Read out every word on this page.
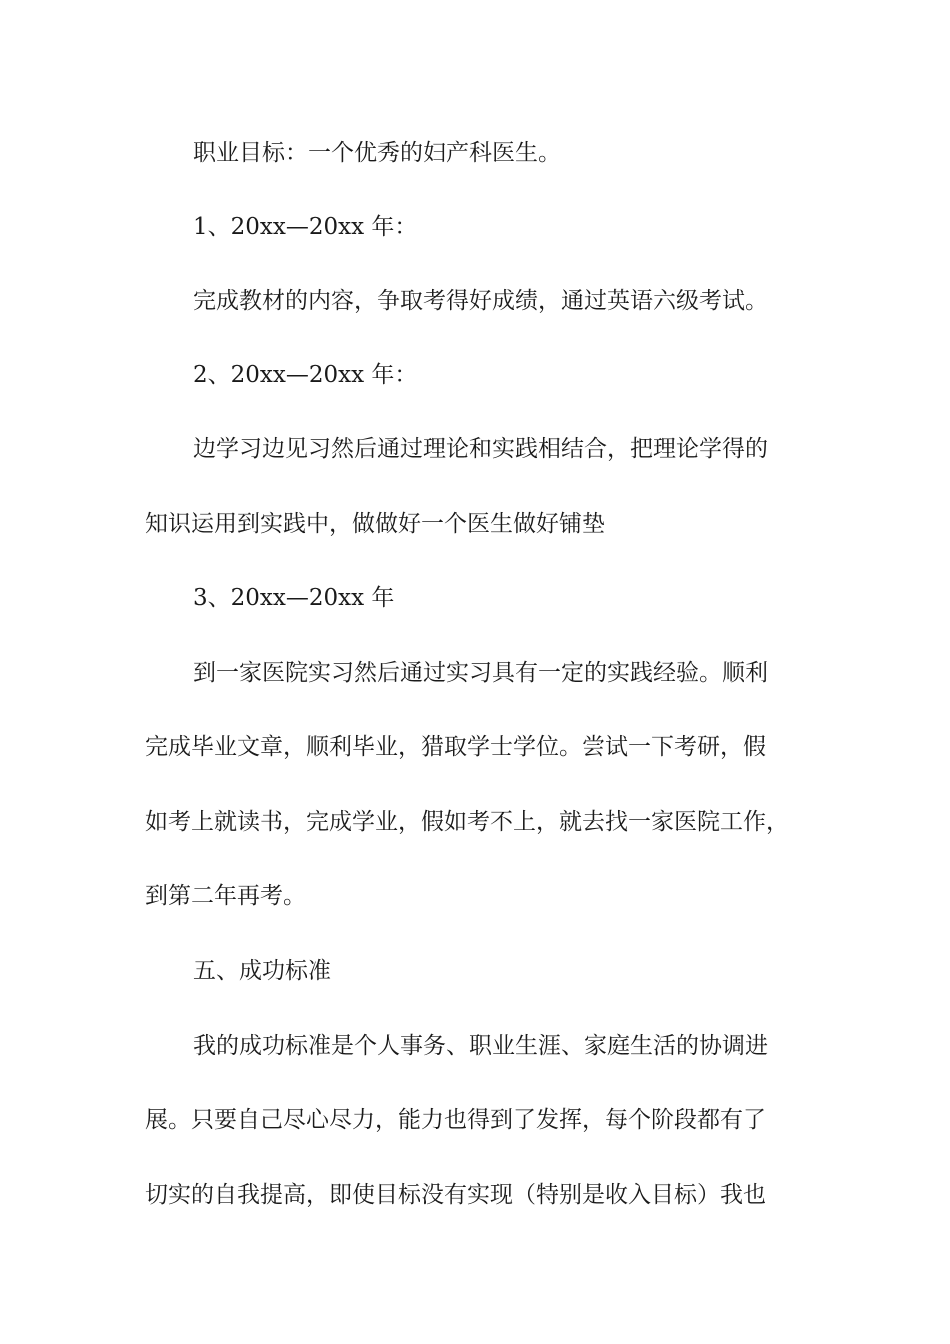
职业目标：一个优秀的妇产科医生。

1、20xx—20xx 年：

完成教材的内容，争取考得好成绩，通过英语六级考试。

2、20xx—20xx 年：

边学习边见习然后通过理论和实践相结合，把理论学得的

知识运用到实践中，做做好一个医生做好铺垫

3、20xx—20xx 年

到一家医院实习然后通过实习具有一定的实践经验。顺利

完成毕业文章，顺利毕业，猎取学士学位。尝试一下考研，假

如考上就读书，完成学业，假如考不上，就去找一家医院工作，

到第二年再考。

五、成功标准

我的成功标准是个人事务、职业生涯、家庭生活的协调进

展。只要自己尽心尽力，能力也得到了发挥，每个阶段都有了

切实的自我提高，即使目标没有实现（特别是收入目标）我也
